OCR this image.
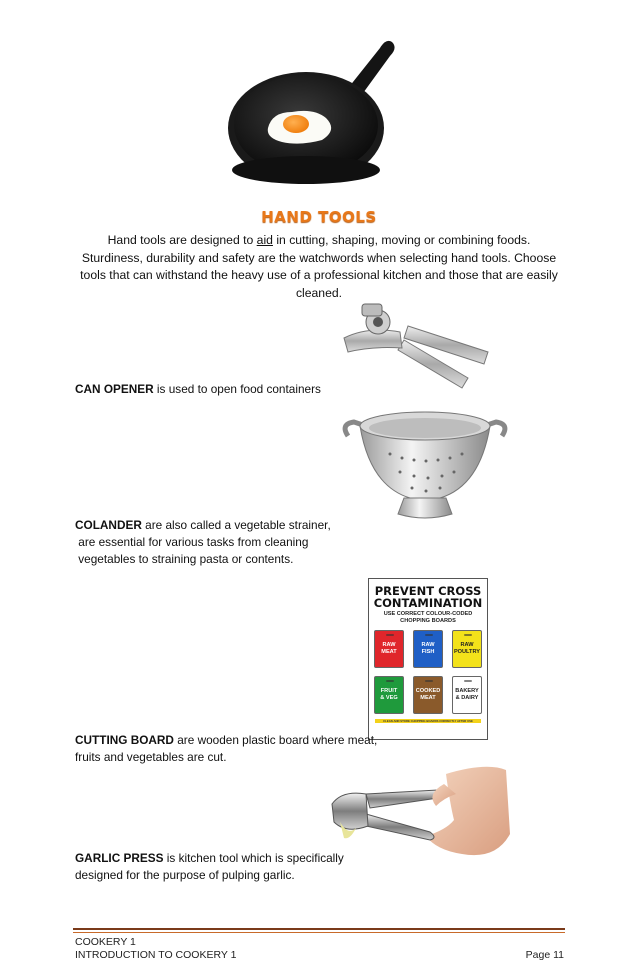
HAND TOOLS
Hand tools are designed to aid in cutting, shaping, moving or combining foods. Sturdiness, durability and safety are the watchwords when selecting hand tools. Choose tools that can withstand the heavy use of a professional kitchen and those that are easily cleaned.
CAN OPENER is used to open food containers
COLANDER are also called a vegetable strainer,
are essential for various tasks from cleaning
vegetables to straining pasta or contents.
PREVENT CROSS
CONTAMINATION
USE CORRECT COLOUR-CODED
CHOPPING BOARDS
RAW
MEAT
RAW
FISH
RAW
POULTRY
FRUIT
& VEG
COOKED
MEAT
BAKERY
& DAIRY
CLEAN AND STORE CHOPPING BOARDS CORRECTLY AFTER USE
CUTTING BOARD are wooden plastic board where meat,
fruits and vegetables are cut.
GARLIC PRESS is kitchen tool which is specifically
designed for the purpose of pulping garlic.
COOKERY 1
INTRODUCTION TO COOKERY 1	Page 11
